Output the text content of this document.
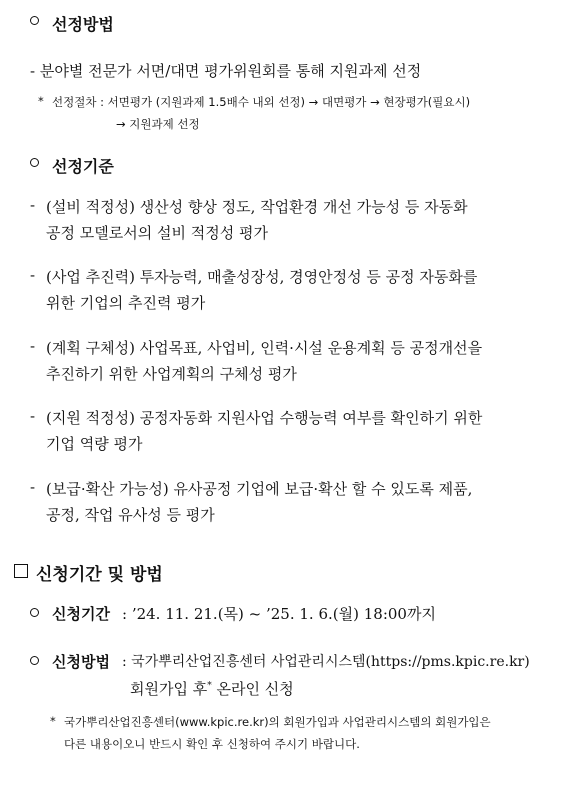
선정방법
- 분야별 전문가 서면/대면 평가위원회를 통해 지원과제 선정
* 선정절차 : 서면평가 (지원과제 1.5배수 내외 선정) → 대면평가 → 현장평가(필요시)
→ 지원과제 선정
선정기준
- (설비 적정성) 생산성 향상 정도, 작업환경 개선 가능성 등 자동화
공정 모델로서의 설비 적정성 평가
- (사업 추진력) 투자능력, 매출성장성, 경영안정성 등 공정 자동화를
위한 기업의 추진력 평가
- (계획 구체성) 사업목표, 사업비, 인력·시설 운용계획 등 공정개선을
추진하기 위한 사업계획의 구체성 평가
- (지원 적정성) 공정자동화 지원사업 수행능력 여부를 확인하기 위한
기업 역량 평가
- (보급·확산 가능성) 유사공정 기업에 보급·확산 할 수 있도록 제품,
공정, 작업 유사성 등 평가
신청기간 및 방법
신청기간 : ’24. 11. 21.(목) ~ ’25. 1. 6.(월) 18:00까지
신청방법 : 국가뿌리산업진흥센터 사업관리시스템(https://pms.kpic.re.kr)
회원가입 후* 온라인 신청
* 국가뿌리산업진흥센터(www.kpic.re.kr)의 회원가입과 사업관리시스템의 회원가입은
다른 내용이오니 반드시 확인 후 신청하여 주시기 바랍니다.
